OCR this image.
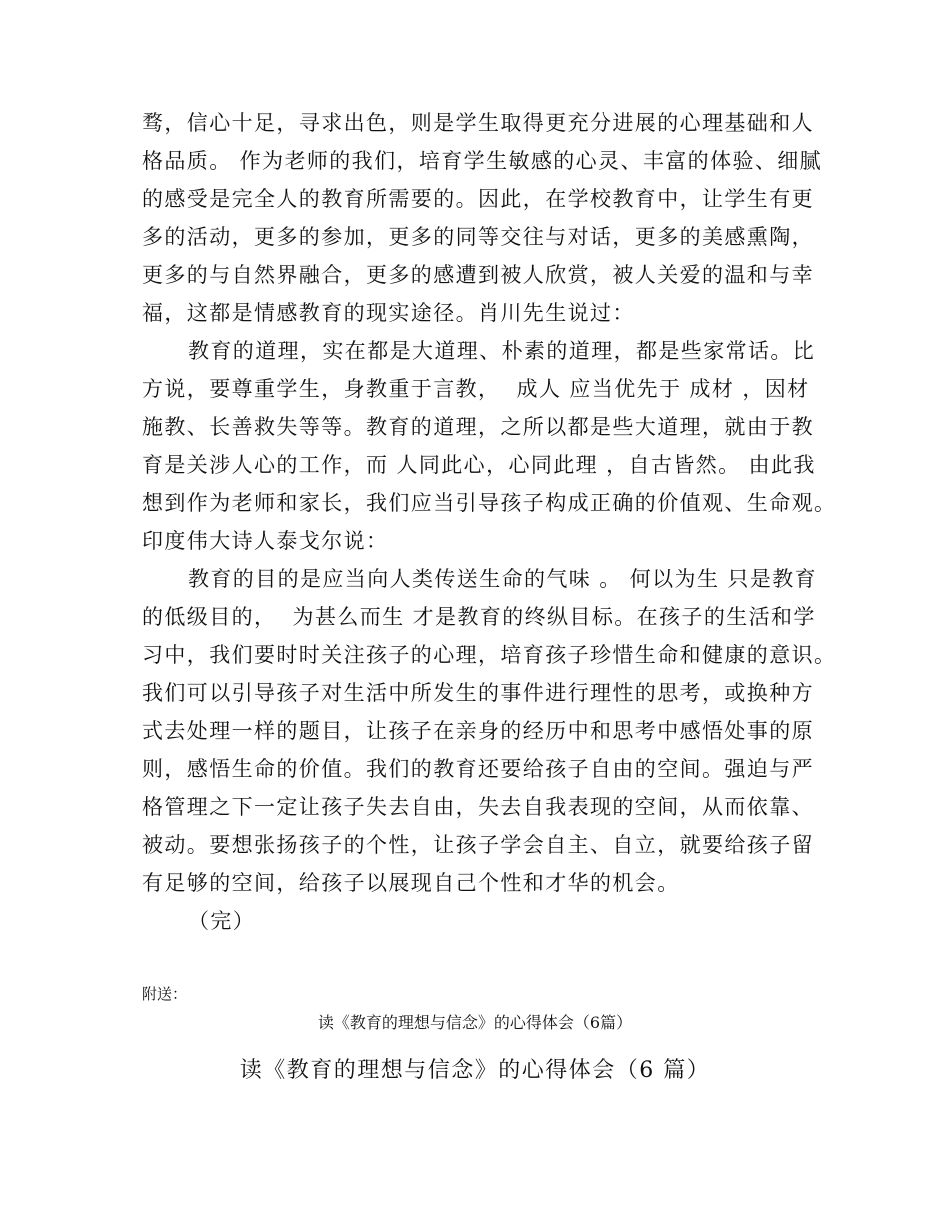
骛，信心十足，寻求出色，则是学生取得更充分进展的心理基础和人
格品质。 作为老师的我们，培育学生敏感的心灵、丰富的体验、细腻
的感受是完全人的教育所需要的。因此，在学校教育中，让学生有更
多的活动，更多的参加，更多的同等交往与对话，更多的美感熏陶，
更多的与自然界融合，更多的感遭到被人欣赏，被人关爱的温和与幸
福，这都是情感教育的现实途径。肖川先生说过：
教育的道理，实在都是大道理、朴素的道理，都是些家常话。比
方说，要尊重学生，身教重于言教，  成人 应当优先于 成材 ，因材
施教、长善救失等等。教育的道理，之所以都是些大道理，就由于教
育是关涉人心的工作，而 人同此心，心同此理 ，自古皆然。 由此我
想到作为老师和家长，我们应当引导孩子构成正确的价值观、生命观。
印度伟大诗人泰戈尔说：
教育的目的是应当向人类传送生命的气味 。 何以为生 只是教育
的低级目的，  为甚么而生 才是教育的终纵目标。在孩子的生活和学
习中，我们要时时关注孩子的心理，培育孩子珍惜生命和健康的意识。
我们可以引导孩子对生活中所发生的事件进行理性的思考，或换种方
式去处理一样的题目，让孩子在亲身的经历中和思考中感悟处事的原
则，感悟生命的价值。我们的教育还要给孩子自由的空间。强迫与严
格管理之下一定让孩子失去自由，失去自我表现的空间，从而依靠、
被动。要想张扬孩子的个性，让孩子学会自主、自立，就要给孩子留
有足够的空间，给孩子以展现自己个性和才华的机会。
（完）
附送：
读《教育的理想与信念》的心得体会（6篇）
读《教育的理想与信念》的心得体会（6 篇）
